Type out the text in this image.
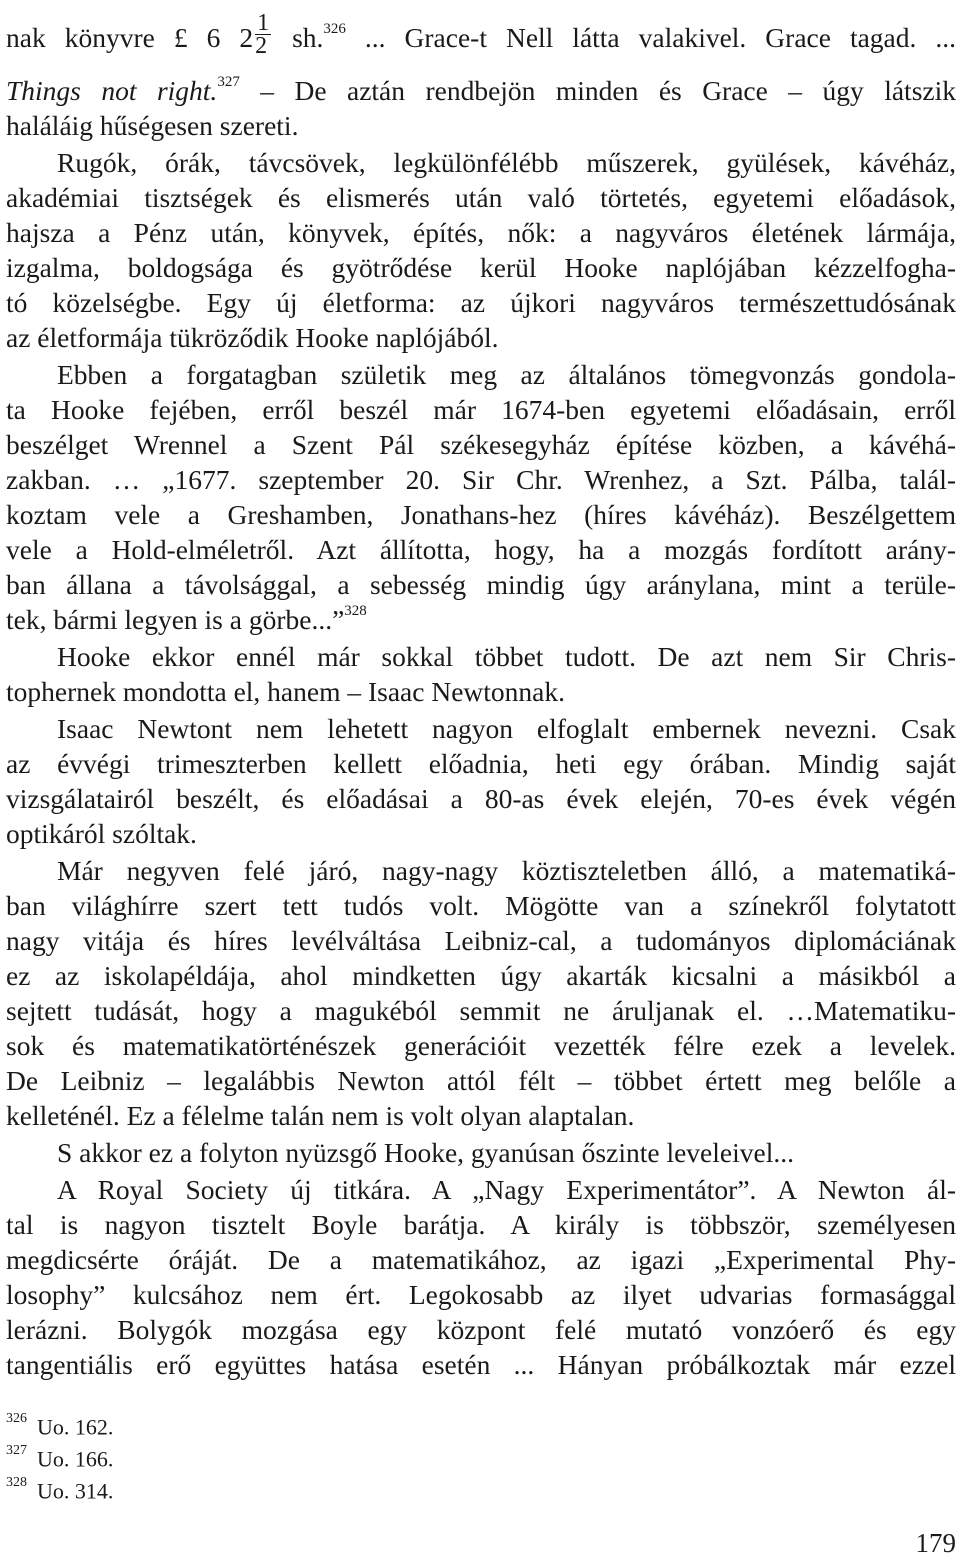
nak könyvre £ 6 $2 \frac{1}{2} sh.^{326}$ ... Grace-t Nell látta valakivel. Grace tagad. ...
Things not right.$^{327}$ – De aztán rendbejön minden és Grace – úgy látszik
haláláig hűségesen szereti.
Rugók, órák, távcsövek, legkülönfélébb műszerek, gyülések, kávéház,
akadémiai tisztségek és elismerés után való törtetés, egyetemi előadások,
hajsza a Pénz után, könyvek, építés, nők: a nagyváros életének lármája,
izgalma, boldogsága és gyötrődése kerül Hooke naplójában kézzelfogha-
tó közelségbe. Egy új életforma: az újkori nagyváros természettudósának
az életformája tükröződik Hooke naplójából.
Ebben a forgatagban születik meg az általános tömegvonzás gondola-
ta Hooke fejében, erről beszél már 1674-ben egyetemi előadásain, erről
beszélget Wrennel a Szent Pál székesegyház építése közben, a kávéhá-
zakban. … „1677. szeptember 20. Sir Chr. Wrenhez, a Szt. Pálba, talál-
koztam vele a Greshamben, Jonathans-hez (híres kávéház). Beszélgettem
vele a Hold-elméletről. Azt állította, hogy, ha a mozgás fordított arány-
ban állana a távolsággal, a sebesség mindig úgy aránylana, mint a terüle-
tek, bármi legyen is a görbe...”$^{328}$
Hooke ekkor ennél már sokkal többet tudott. De azt nem Sir Chris-
tophernek mondotta el, hanem – Isaac Newtonnak.
Isaac Newtont nem lehetett nagyon elfoglalt embernek nevezni. Csak
az évvégi trimeszterben kellett előadnia, heti egy órában. Mindig saját
vizsgálatairól beszélt, és előadásai a 80-as évek elején, 70-es évek végén
optikáról szóltak.
Már negyven felé járó, nagy-nagy köztiszteletben álló, a matematiká-
ban világhírre szert tett tudós volt. Mögötte van a színekről folytatott
nagy vitája és híres levélváltása Leibniz-cal, a tudományos diplomáciának
ez az iskolapéldája, ahol mindketten úgy akarták kicsalni a másikból a
sejtett tudását, hogy a magukéból semmit ne áruljanak el. …Matematiku-
sok és matematikatörténészek generációit vezették félre ezek a levelek.
De Leibniz – legalábbis Newton attól félt – többet értett meg belőle a
kelleténél. Ez a félelme talán nem is volt olyan alaptalan.
S akkor ez a folyton nyüzsgő Hooke, gyanúsan őszinte leveleivel...
A Royal Society új titkára. A „Nagy Experimentátor”. A Newton ál-
tal is nagyon tisztelt Boyle barátja. A király is többször, személyesen
megdicsérte óráját. De a matematikához, az igazi „Experimental Phy-
losophy” kulcsához nem ért. Legokosabb az ilyet udvarias formasággal
lerázni. Bolygók mozgása egy központ felé mutató vonzóerő és egy
tangentiális erő együttes hatása esetén ... Hányan próbálkoztak már ezzel
$^{326}$ Uo. 162.
$^{327}$ Uo. 166.
$^{328}$ Uo. 314.
179
